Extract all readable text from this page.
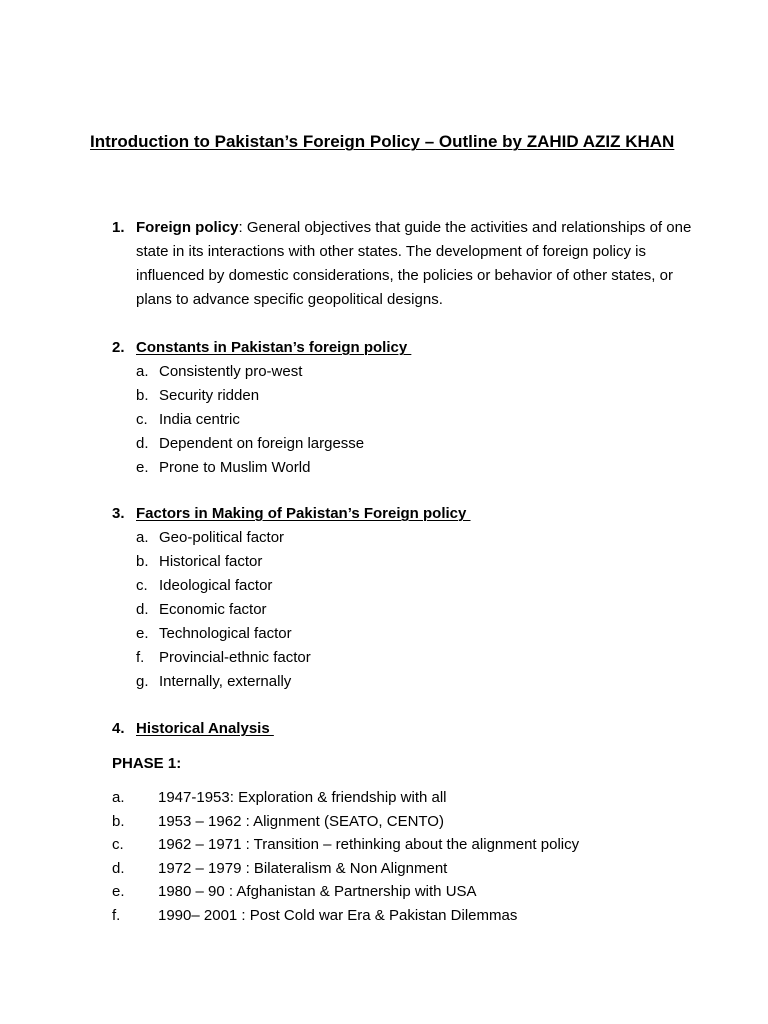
Introduction to Pakistan’s Foreign Policy – Outline by ZAHID AZIZ KHAN
1. Foreign policy: General objectives that guide the activities and relationships of one state in its interactions with other states. The development of foreign policy is influenced by domestic considerations, the policies or behavior of other states, or plans to advance specific geopolitical designs.
2. Constants in Pakistan’s foreign policy
a. Consistently pro-west
b. Security ridden
c. India centric
d. Dependent on foreign largesse
e. Prone to Muslim World
3. Factors in Making of Pakistan’s Foreign policy
a. Geo-political factor
b. Historical factor
c. Ideological factor
d. Economic factor
e. Technological factor
f. Provincial-ethnic factor
g. Internally, externally
4. Historical Analysis
PHASE 1:
a. 1947-1953: Exploration & friendship with all
b. 1953 – 1962 : Alignment (SEATO, CENTO)
c. 1962 – 1971 : Transition – rethinking about the alignment policy
d. 1972 – 1979 : Bilateralism & Non Alignment
e. 1980 – 90 : Afghanistan & Partnership with USA
f.	1990– 2001 : Post Cold war Era & Pakistan Dilemmas
